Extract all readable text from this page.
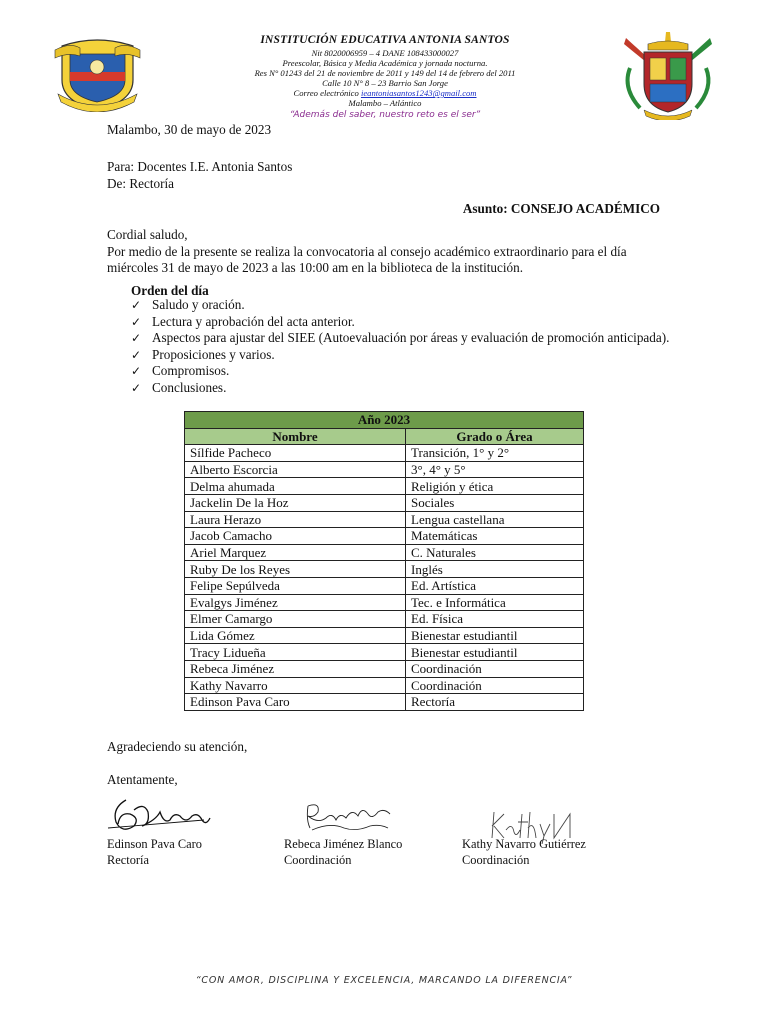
INSTITUCIÓN EDUCATIVA ANTONIA SANTOS
Nit 8020006959 – 4 DANE 108433000027
Preescolar, Básica y Media Académica y jornada nocturna.
Res N° 01243 del 21 de noviembre de 2011 y 149 del 14 de febrero del 2011
Calle 10 N° 8 – 23 Barrio San Jorge
Correo electrónico ieantoniasantos1243@gmail.com
Malambo – Atlántico
“Además del saber, nuestro reto es el ser”
Malambo, 30 de mayo de 2023
Para: Docentes I.E. Antonia Santos
De: Rectoría
Asunto: CONSEJO ACADÉMICO
Cordial saludo,
Por medio de la presente se realiza la convocatoria al consejo académico extraordinario para el día miércoles 31 de mayo de 2023 a las 10:00 am en la biblioteca de la institución.
Orden del día
✓ Saludo y oración.
✓ Lectura y aprobación del acta anterior.
✓ Aspectos para ajustar del SIEE (Autoevaluación por áreas y evaluación de promoción anticipada).
✓ Proposiciones y varios.
✓ Compromisos.
✓ Conclusiones.
Año 2023	
Nombre	Grado o Área
Sílfide Pacheco	Transición, 1° y 2°
Alberto Escorcia	3°, 4° y 5°
Delma ahumada	Religión y ética
Jackelin De la Hoz	Sociales
Laura Herazo	Lengua castellana
Jacob Camacho	Matemáticas
Ariel Marquez	C. Naturales
Ruby De los Reyes	Inglés
Felipe Sepúlveda	Ed. Artística
Evalgys Jiménez	Tec. e Informática
Elmer Camargo	Ed. Física
Lida Gómez	Bienestar estudiantil
Tracy Lidueña	Bienestar estudiantil
Rebeca Jiménez	Coordinación
Kathy Navarro	Coordinación
Edinson Pava Caro	Rectoría
Agradeciendo su atención,
Atentamente,
Edinson Pava Caro
Rectoría
Rebeca Jiménez Blanco
Coordinación
Kathy Navarro Gutiérrez
Coordinación
“CON AMOR, DISCIPLINA Y EXCELENCIA, MARCANDO LA DIFERENCIA”
